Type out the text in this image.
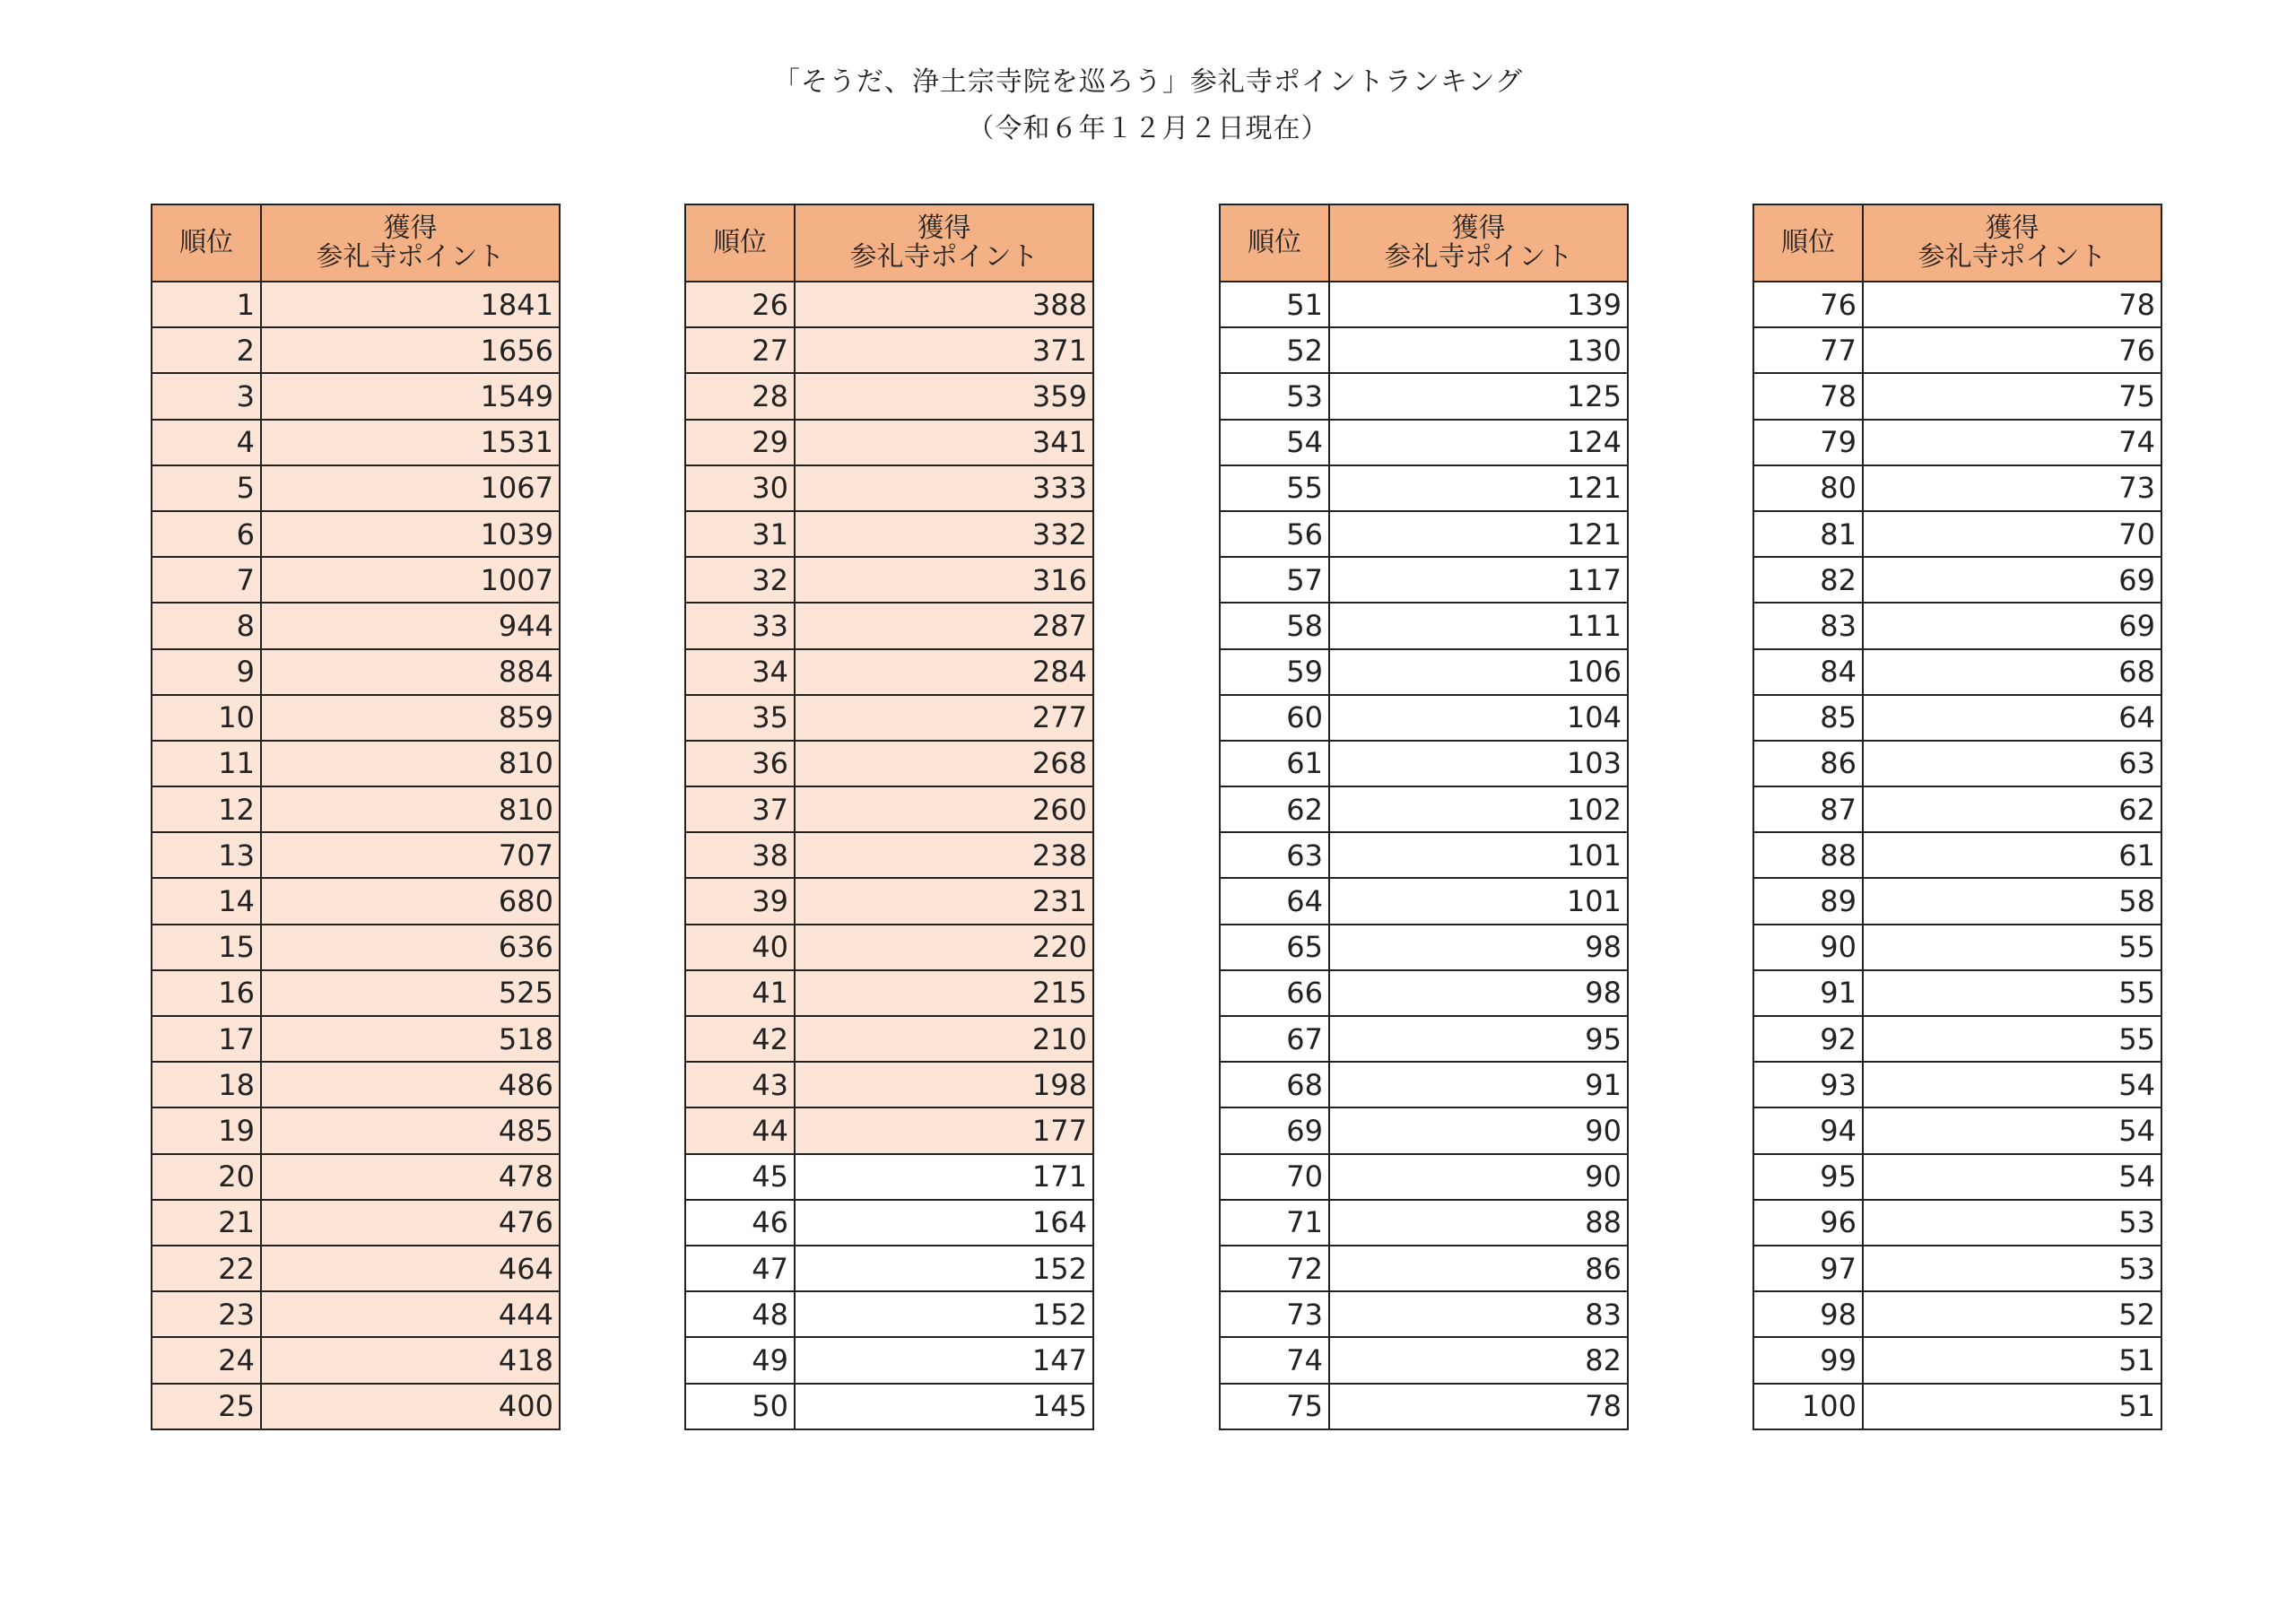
「そうだ、浄土宗寺院を巡ろう」参礼寺ポイントランキング
（令和６年１２月２日現在）
順位	獲得
参礼寺ポイント

1	1841
2	1656
3	1549
4	1531
5	1067
6	1039
7	1007
8	944
9	884
10	859
11	810
12	810
13	707
14	680
15	636
16	525
17	518
18	486
19	485
20	478
21	476
22	464
23	444
24	418
25	400
順位	獲得
参礼寺ポイント

26	388
27	371
28	359
29	341
30	333
31	332
32	316
33	287
34	284
35	277
36	268
37	260
38	238
39	231
40	220
41	215
42	210
43	198
44	177
45	171
46	164
47	152
48	152
49	147
50	145
順位	獲得
参礼寺ポイント

51	139
52	130
53	125
54	124
55	121
56	121
57	117
58	111
59	106
60	104
61	103
62	102
63	101
64	101
65	98
66	98
67	95
68	91
69	90
70	90
71	88
72	86
73	83
74	82
75	78
順位	獲得
参礼寺ポイント

76	78
77	76
78	75
79	74
80	73
81	70
82	69
83	69
84	68
85	64
86	63
87	62
88	61
89	58
90	55
91	55
92	55
93	54
94	54
95	54
96	53
97	53
98	52
99	51
100	51
